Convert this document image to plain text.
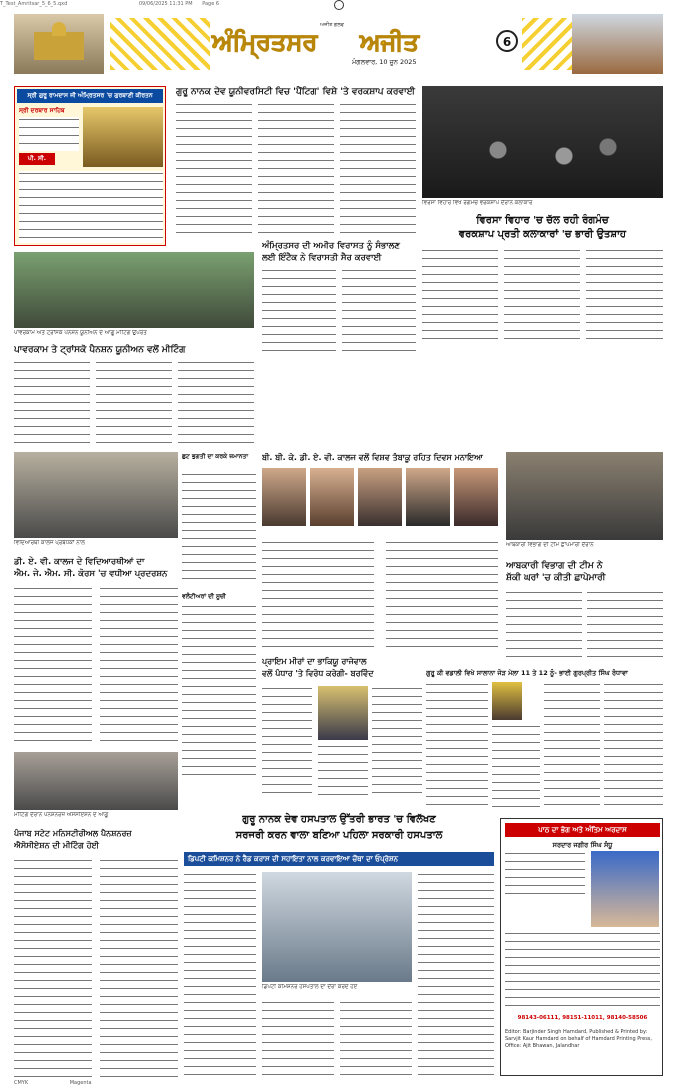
T_Test_Amritsar_5_6_5.qxd	09/06/2025 11:31 PM Page 6
ਅਜੀਤ ਗਲਵ
ਅੰਮ੍ਰਿਤਸਰ ਅਜੀਤ
ਮੰਗਲਵਾਰ, 10 ਜੂਨ 2025
6
ਸ੍ਰੀ ਗੁਰੂ ਰਾਮਦਾਸ ਜੀ ਅੰਮ੍ਰਿਤਸਰ 'ਚ ਗੁਰਬਾਣੀ ਕੀਰਤਨ
ਸ੍ਰੀ ਦਰਬਾਰ ਸਾਹਿਬ
ਪੀ. ਸੀ.
ਗੁਰੂ ਨਾਨਕ ਦੇਵ ਯੂਨੀਵਰਸਿਟੀ ਵਿਚ 'ਪੈਂਟਿਗ' ਵਿਸ਼ੇ 'ਤੇ ਵਰਕਸ਼ਾਪ ਕਰਵਾਈ
ਵਿਰਸਾ ਵਿਹਾਰ ਵਿਖੇ ਰੰਗਮੰਚ ਵਰਕਸ਼ਾਪ ਦੌਰਾਨ ਕਲਾਕਾਰ
ਵਿਰਸਾ ਵਿਹਾਰ 'ਚ ਚੱਲ ਰਹੀ ਰੰਗਮੰਚ
ਵਰਕਸ਼ਾਪ ਪ੍ਰਤੀ ਕਲਾਕਾਰਾਂ 'ਚ ਭਾਰੀ ਉਤਸ਼ਾਹ
ਪਾਵਰਕਾਮ ਅਤੇ ਟ੍ਰਾਂਸਕੋ ਪੈਨਸ਼ਨ ਯੂਨੀਅਨ ਦੇ ਆਗੂ ਮੀਟਿੰਗ ਉਪਰੰਤ
ਅੰਮ੍ਰਿਤਸਰ ਦੀ ਅਮੀਰ ਵਿਰਾਸਤ ਨੂੰ ਸੰਭਾਲਣ
ਲਈ ਇੰਟੈਕ ਨੇ ਵਿਰਾਸਤੀ ਸੈਰ ਕਰਵਾਈ
ਪਾਵਰਕਾਮ ਤੇ ਟ੍ਰਾਂਸਕੋ ਪੈਨਸ਼ਨ ਯੂਨੀਅਨ ਵਲੋਂ ਮੀਟਿੰਗ
ਬੀ. ਬੀ. ਕੇ. ਡੀ. ਏ. ਵੀ. ਕਾਲਜ ਵਲੋਂ ਵਿਸ਼ਵ ਤੰਬਾਕੂ ਰਹਿਤ ਦਿਵਸ ਮਨਾਇਆ
ਆਬਕਾਰੀ ਵਿਭਾਗ ਦੀ ਟੀਮ ਛਾਪੇਮਾਰੀ ਦੌਰਾਨ
ਆਬਕਾਰੀ ਵਿਭਾਗ ਦੀ ਟੀਮ ਨੇ
ਸ਼ੱਕੀ ਘਰਾਂ 'ਚ ਕੀਤੀ ਛਾਪੇਮਾਰੀ
ਵਿਦਿਆਰਥੀ ਕਾਲਜ ਪ੍ਰਬੰਧਕਾਂ ਨਾਲ
ਛੁਟ ਭੁਗਤੀ ਦਾ ਕਰਕੇ ਜ਼ਮਾਨਤਾ
ਡੀ. ਏ. ਵੀ. ਕਾਲਜ ਦੇ ਵਿਦਿਆਰਥੀਆਂ ਦਾ
ਐਮ. ਜੇ. ਐਮ. ਸੀ. ਕੋਰਸ 'ਚ ਵਧੀਆ ਪ੍ਰਦਰਸ਼ਨ
ਵਲੰਟੀਅਰਾਂ ਦੀ ਸੂਚੀ
ਪ੍ਰਾਇਮ ਮੀਰਾਂ ਦਾ ਭਾਕਿਯੂ ਰਾਜੇਵਾਲ
ਵਲੋਂ ਪੰਧਾਰ 'ਤੇ ਵਿਰੋਧ ਕਰੇਗੀ- ਬਰਵਿੰਦ	ਗੁਰੂ ਕੀ ਵਡਾਲੀ ਵਿਖੇ ਸਾਲਾਨਾ ਜੋੜ ਮੇਲਾ 11 ਤੇ 12 ਨੂੰ- ਭਾਈ ਗੁਰਪ੍ਰੀਤ ਸਿੰਘ ਰੰਧਾਵਾ
ਮੀਟਿੰਗ ਦੌਰਾਨ ਪੈਨਸ਼ਨਰਜ਼ ਐਸੋਸੀਏਸ਼ਨ ਦੇ ਆਗੂ
ਪੰਜਾਬ ਸਟੇਟ ਮਨਿਸਟੀਰੀਅਲ ਪੈਨਸ਼ਨਰਜ਼
ਐਸੋਸੀਏਸ਼ਨ ਦੀ ਮੀਟਿੰਗ ਹੋਈ
ਗੁਰੂ ਨਾਨਕ ਦੇਵ ਹਸਪਤਾਲ ਉੱਤਰੀ ਭਾਰਤ 'ਚ ਵਿਲੱਖਣ
ਸਰਜਰੀ ਕਰਨ ਵਾਲਾ ਬਣਿਆ ਪਹਿਲਾ ਸਰਕਾਰੀ ਹਸਪਤਾਲ
ਡਿਪਟੀ ਕਮਿਸ਼ਨਰ ਨੇ ਰੈੱਡ ਕਰਾਸ ਦੀ ਸਹਾਇਤਾ ਨਾਲ ਕਰਵਾਇਆ ਚੌਥਾ ਦਾ ਓਪ੍ਰੇਸ਼ਨ
ਡਿਪਟੀ ਕਮਿਸ਼ਨਰ ਹਸਪਤਾਲ ਦਾ ਦੌਰਾ ਕਰਦੇ ਹੋਏ
ਪਾਠ ਦਾ ਭੋਗ ਅਤੇ ਅੰਤਿਮ ਅਰਦਾਸ
ਸਰਦਾਰ ਜਗੀਰ ਸਿੰਘ ਸੰਧੂ
98143-06111, 98151-11011, 98140-58506
Editor: Barjinder Singh Hamdard, Published & Printed by: Sarvjit Kaur Hamdard on behalf of Hamdard Printing Press, Office: Ajit Bhawan, Jalandhar
CMYK	Magenta
